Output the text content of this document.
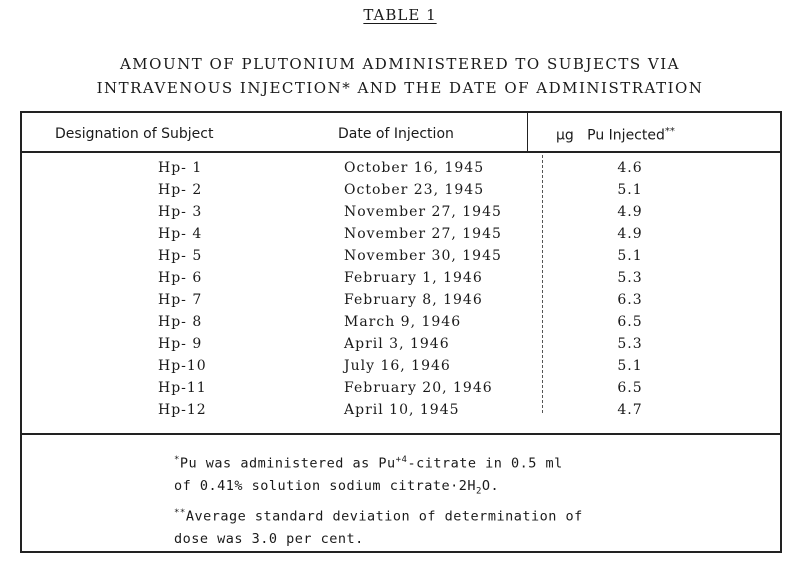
TABLE 1
AMOUNT OF PLUTONIUM ADMINISTERED TO SUBJECTS VIA
INTRAVENOUS INJECTION* AND THE DATE OF ADMINISTRATION
Designation of Subject	Date of Injection	µg Pu Injected**
Hp- 1	October 16, 1945	4.6
Hp- 2	October 23, 1945	5.1
Hp- 3	November 27, 1945	4.9
Hp- 4	November 27, 1945	4.9
Hp- 5	November 30, 1945	5.1
Hp- 6	February 1, 1946	5.3
Hp- 7	February 8, 1946	6.3
Hp- 8	March 9, 1946	6.5
Hp- 9	April 3, 1946	5.3
Hp-10	July 16, 1946	5.1
Hp-11	February 20, 1946	6.5
Hp-12	April 10, 1945	4.7

*Pu was administered as $Pu^{+4}$-citrate in 0.5 ml

of 0.41% solution sodium $citrate\cdot 2H_2O$.

**Average standard deviation of determination of

dose was 3.0 per cent.
